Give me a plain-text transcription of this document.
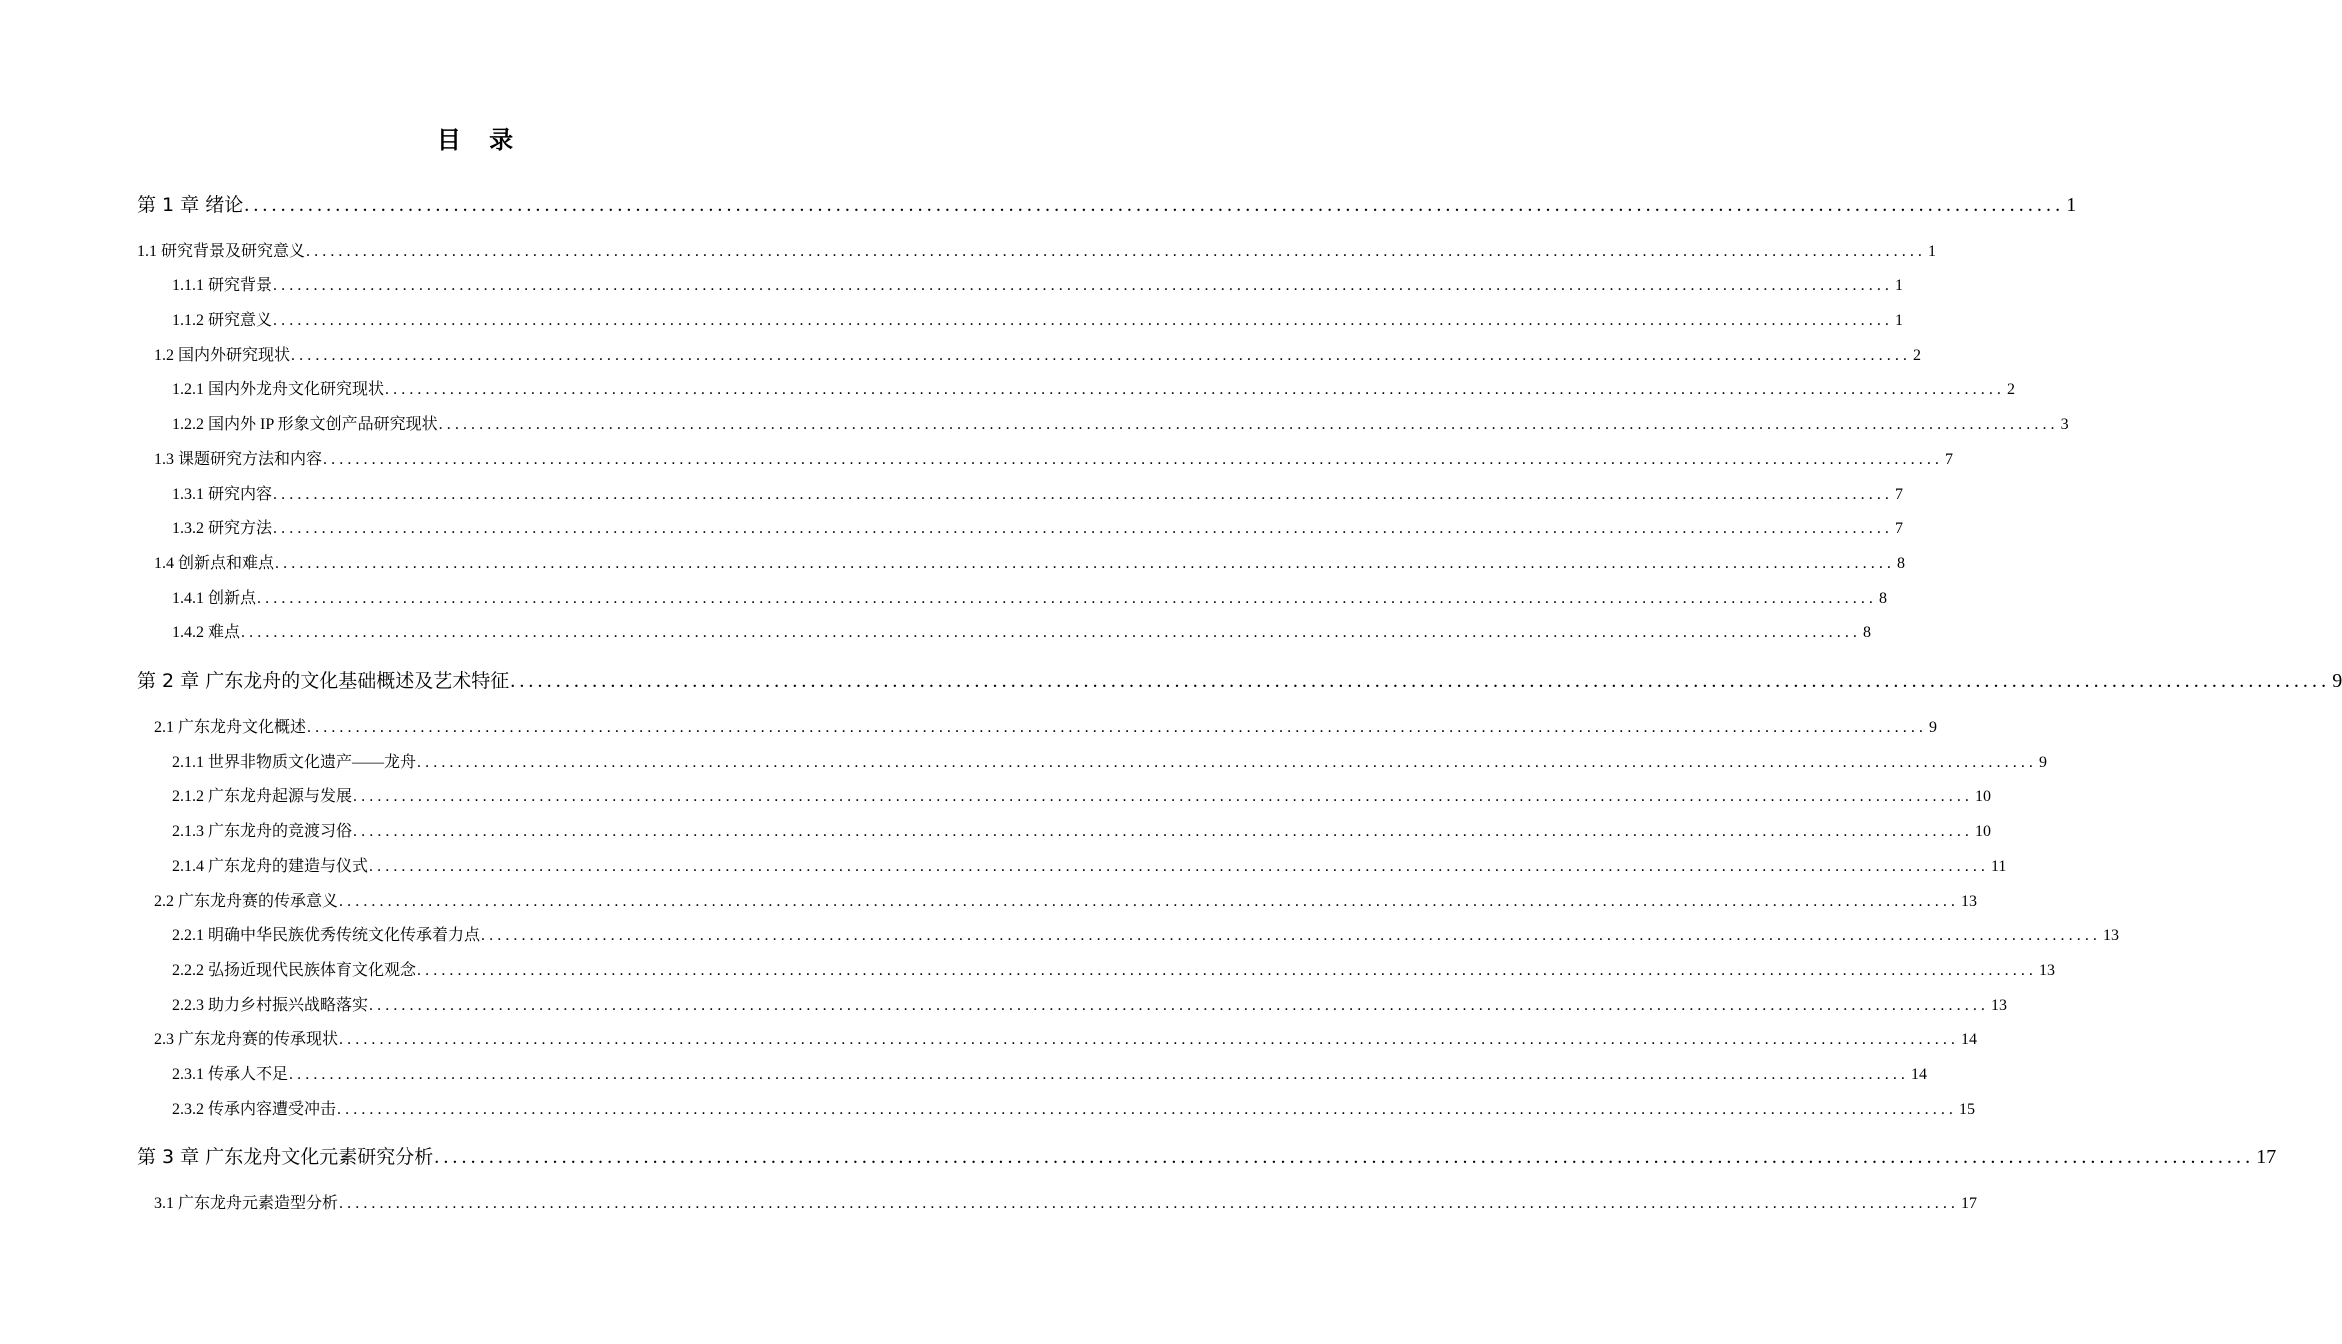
目 录
第 1 章 绪论 ........................................................................................................................................................................................................ 1
1.1 研究背景及研究意义 ........................................................................................................................................................................................................ 1
1.1.1 研究背景 ........................................................................................................................................................................................................ 1
1.1.2 研究意义 ........................................................................................................................................................................................................ 1
1.2 国内外研究现状 ........................................................................................................................................................................................................ 2
1.2.1 国内外龙舟文化研究现状 ........................................................................................................................................................................................................ 2
1.2.2 国内外 IP 形象文创产品研究现状 ........................................................................................................................................................................................................ 3
1.3 课题研究方法和内容 ........................................................................................................................................................................................................ 7
1.3.1 研究内容 ........................................................................................................................................................................................................ 7
1.3.2 研究方法 ........................................................................................................................................................................................................ 7
1.4 创新点和难点 ........................................................................................................................................................................................................ 8
1.4.1 创新点 ........................................................................................................................................................................................................ 8
1.4.2 难点 ........................................................................................................................................................................................................ 8
第 2 章 广东龙舟的文化基础概述及艺术特征 ........................................................................................................................................................................................................ 9
2.1 广东龙舟文化概述 ........................................................................................................................................................................................................ 9
2.1.1 世界非物质文化遗产——龙舟 ........................................................................................................................................................................................................ 9
2.1.2 广东龙舟起源与发展 ........................................................................................................................................................................................................ 10
2.1.3 广东龙舟的竞渡习俗 ........................................................................................................................................................................................................ 10
2.1.4 广东龙舟的建造与仪式 ........................................................................................................................................................................................................ 11
2.2 广东龙舟赛的传承意义 ........................................................................................................................................................................................................ 13
2.2.1 明确中华民族优秀传统文化传承着力点 ........................................................................................................................................................................................................ 13
2.2.2 弘扬近现代民族体育文化观念 ........................................................................................................................................................................................................ 13
2.2.3 助力乡村振兴战略落实 ........................................................................................................................................................................................................ 13
2.3 广东龙舟赛的传承现状 ........................................................................................................................................................................................................ 14
2.3.1 传承人不足 ........................................................................................................................................................................................................ 14
2.3.2 传承内容遭受冲击 ........................................................................................................................................................................................................ 15
第 3 章 广东龙舟文化元素研究分析 ........................................................................................................................................................................................................ 17
3.1 广东龙舟元素造型分析 ........................................................................................................................................................................................................ 17
